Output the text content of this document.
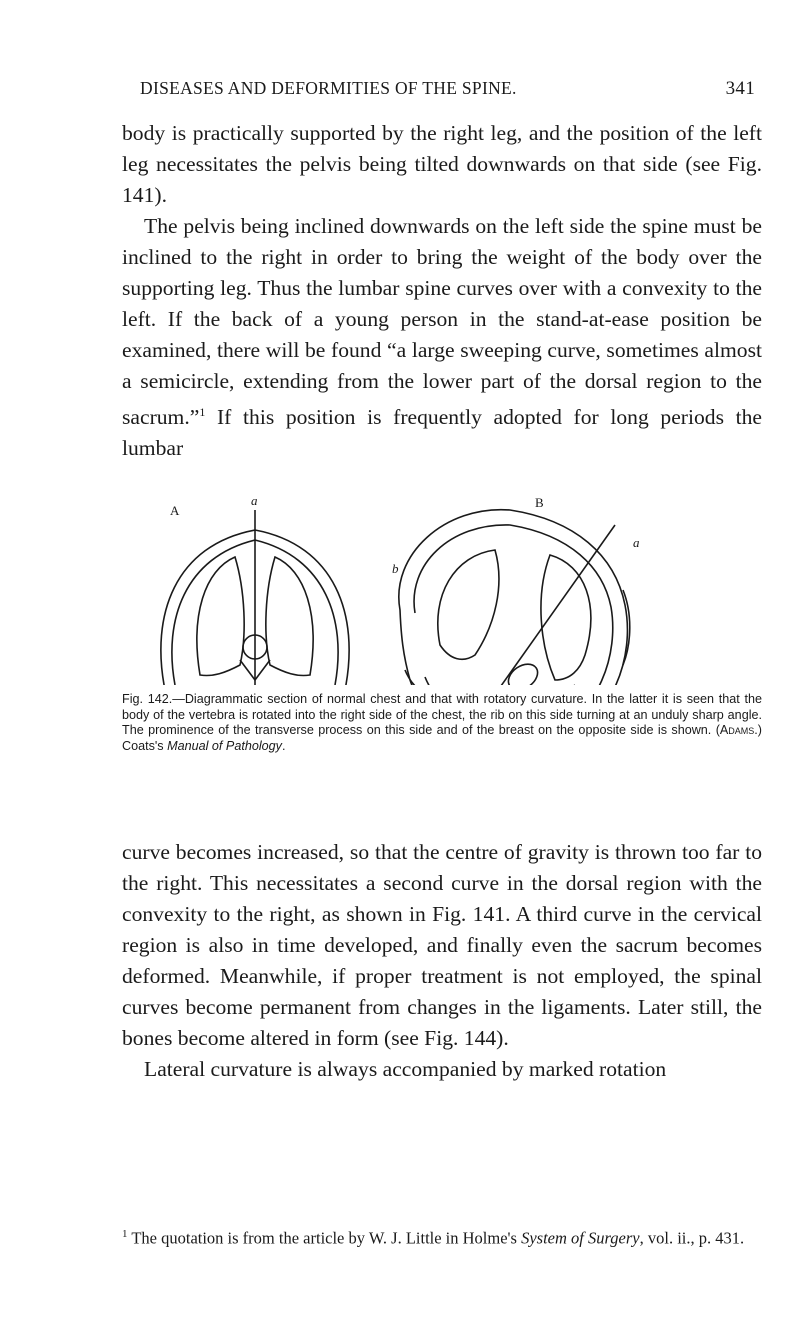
DISEASES AND DEFORMITIES OF THE SPINE.	341

body is practically supported by the right leg, and the position of the left leg necessitates the pelvis being tilted downwards on that side (see Fig. 141).
The pelvis being inclined downwards on the left side the spine must be inclined to the right in order to bring the weight of the body over the supporting leg. Thus the lumbar spine curves over with a convexity to the left. If the back of a young person in the stand-at-ease position be examined, there will be found “a large sweeping curve, sometimes almost a semicircle, extending from the lower part of the dorsal region to the sacrum.”$^1$ If this position is frequently adopted for long periods the lumbar

A
a	B
b
a
Fig. 142.—Diagrammatic section of normal chest and that with rotatory curvature. In the latter it is seen that the body of the vertebra is rotated into the right side of the chest, the rib on this side turning at an unduly sharp angle. The prominence of the transverse process on this side and of the breast on the opposite side is shown. (Adams.) Coats's Manual of Pathology.

curve becomes increased, so that the centre of gravity is thrown too far to the right. This necessitates a second curve in the dorsal region with the convexity to the right, as shown in Fig. 141. A third curve in the cervical region is also in time developed, and finally even the sacrum becomes deformed. Meanwhile, if proper treatment is not employed, the spinal curves become permanent from changes in the ligaments. Later still, the bones become altered in form (see Fig. 144).
Lateral curvature is always accompanied by marked rotation

$^1$ The quotation is from the article by W. J. Little in Holme's System of Surgery, vol. ii., p. 431.
